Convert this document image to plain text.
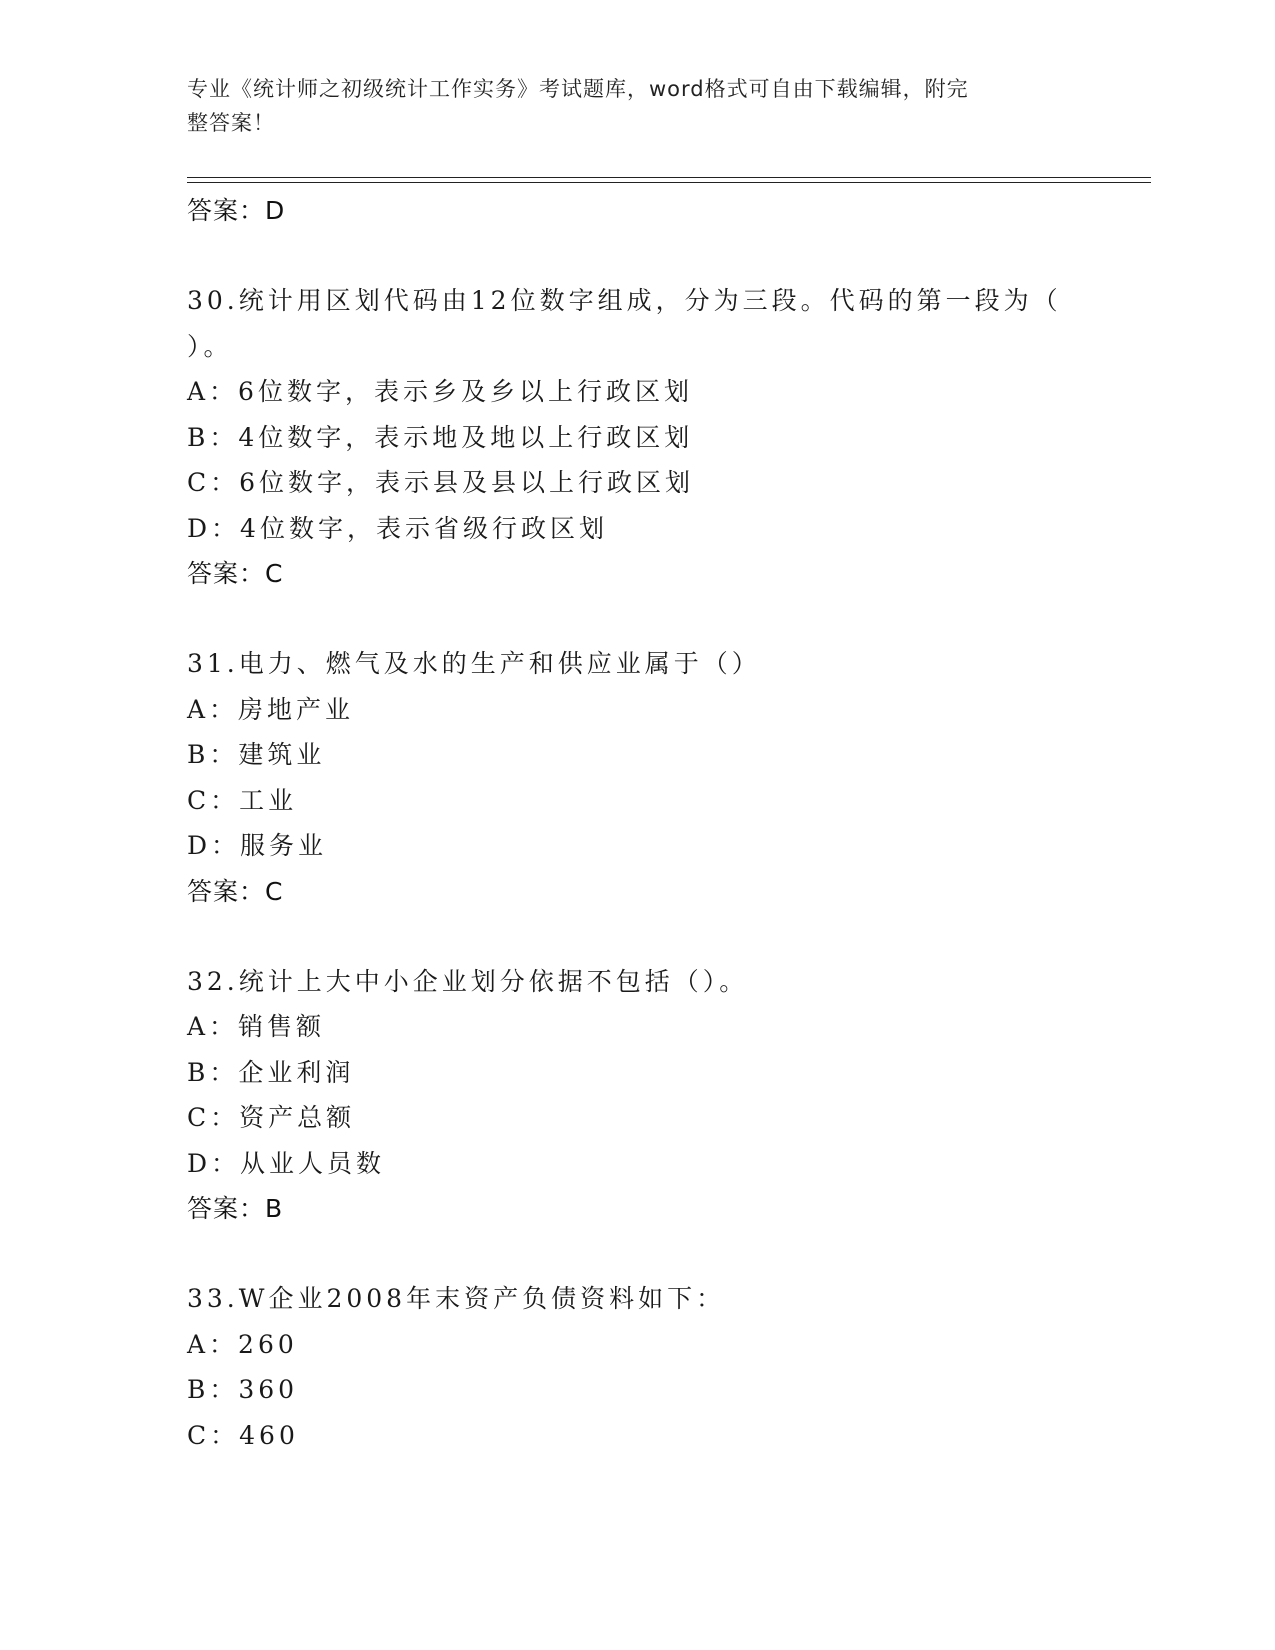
专业《统计师之初级统计工作实务》考试题库，word格式可自由下载编辑，附完
整答案！
答案：D
30.统计用区划代码由12位数字组成，分为三段。代码的第一段为（
）。
A：6位数字，表示乡及乡以上行政区划
B：4位数字，表示地及地以上行政区划
C：6位数字，表示县及县以上行政区划
D：4位数字，表示省级行政区划
答案：C
31.电力、燃气及水的生产和供应业属于（）
A：房地产业
B：建筑业
C：工业
D：服务业
答案：C
32.统计上大中小企业划分依据不包括（）。
A：销售额
B：企业利润
C：资产总额
D：从业人员数
答案：B
33.W企业2008年末资产负债资料如下：
A：260
B：360
C：460
